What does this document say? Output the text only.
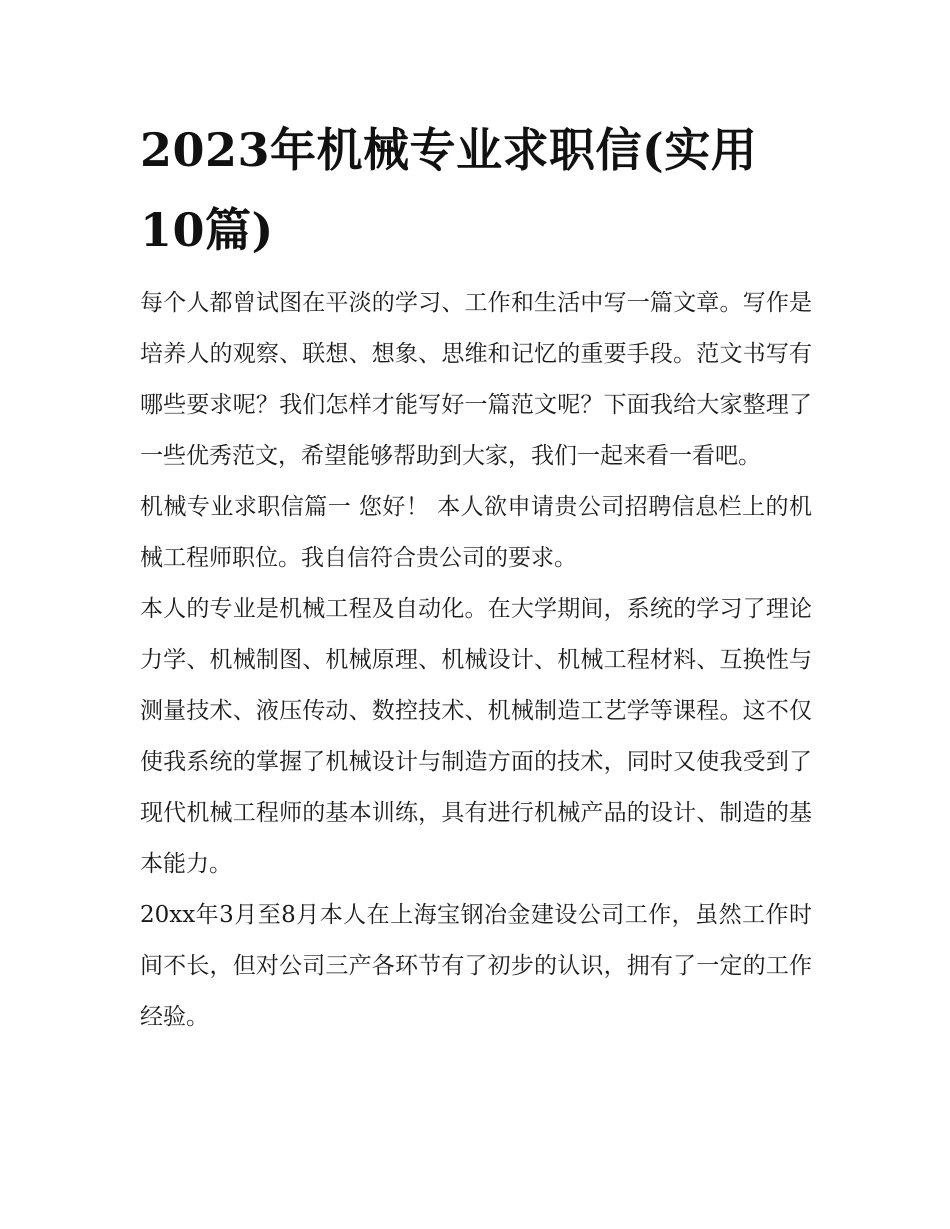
2023年机械专业求职信(实用10篇)

每个人都曾试图在平淡的学习、工作和生活中写一篇文章。写作是培养人的观察、联想、想象、思维和记忆的重要手段。范文书写有哪些要求呢？我们怎样才能写好一篇范文呢？下面我给大家整理了一些优秀范文，希望能够帮助到大家，我们一起来看一看吧。

机械专业求职信篇一 您好！ 本人欲申请贵公司招聘信息栏上的机械工程师职位。我自信符合贵公司的要求。

本人的专业是机械工程及自动化。在大学期间，系统的学习了理论力学、机械制图、机械原理、机械设计、机械工程材料、互换性与测量技术、液压传动、数控技术、机械制造工艺学等课程。这不仅使我系统的掌握了机械设计与制造方面的技术，同时又使我受到了现代机械工程师的基本训练，具有进行机械产品的设计、制造的基本能力。

20xx年3月至8月本人在上海宝钢冶金建设公司工作，虽然工作时间不长，但对公司三产各环节有了初步的认识，拥有了一定的工作经验。
